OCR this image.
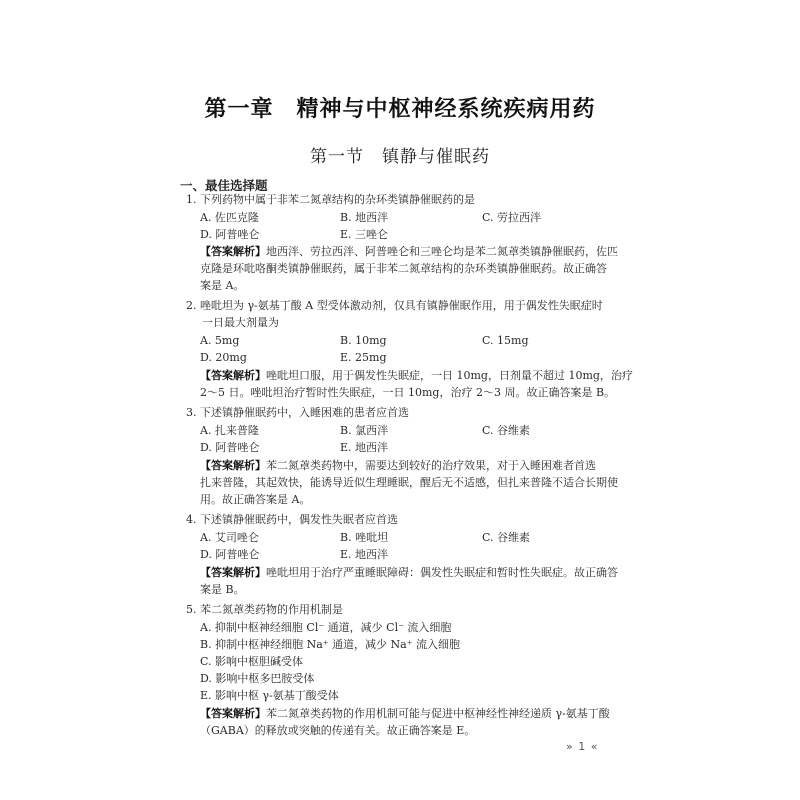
第一章　精神与中枢神经系统疾病用药
第一节　镇静与催眠药
一、最佳选择题
1. 下列药物中属于非苯二氮䓬结构的杂环类镇静催眠药的是
A. 佐匹克隆	B. 地西泮	C. 劳拉西泮
D. 阿普唑仑	E. 三唑仑
【答案解析】地西泮、劳拉西泮、阿普唑仑和三唑仑均是苯二氮䓬类镇静催眠药，佐匹
克隆是环吡咯酮类镇静催眠药，属于非苯二氮䓬结构的杂环类镇静催眠药。故正确答
案是 A。
2. 唑吡坦为 γ-氨基丁酸 A 型受体激动剂，仅具有镇静催眠作用，用于偶发性失眠症时
一日最大剂量为
A. 5mg	B. 10mg	C. 15mg
D. 20mg	E. 25mg
【答案解析】唑吡坦口服，用于偶发性失眠症，一日 10mg，日剂量不超过 10mg，治疗
2～5 日。唑吡坦治疗暂时性失眠症，一日 10mg，治疗 2～3 周。故正确答案是 B。
3. 下述镇静催眠药中，入睡困难的患者应首选
A. 扎来普隆	B. 氯西泮	C. 谷维素
D. 阿普唑仑	E. 地西泮
【答案解析】苯二氮䓬类药物中，需要达到较好的治疗效果，对于入睡困难者首选
扎来普隆，其起效快，能诱导近似生理睡眠，醒后无不适感，但扎来普隆不适合长期使
用。故正确答案是 A。
4. 下述镇静催眠药中，偶发性失眠者应首选
A. 艾司唑仑	B. 唑吡坦	C. 谷维素
D. 阿普唑仑	E. 地西泮
【答案解析】唑吡坦用于治疗严重睡眠障碍：偶发性失眠症和暂时性失眠症。故正确答
案是 B。
5. 苯二氮䓬类药物的作用机制是
A. 抑制中枢神经细胞 Cl⁻ 通道，减少 Cl⁻ 流入细胞
B. 抑制中枢神经细胞 Na⁺ 通道，减少 Na⁺ 流入细胞
C. 影响中枢胆碱受体
D. 影响中枢多巴胺受体
E. 影响中枢 γ-氨基丁酸受体
【答案解析】苯二氮䓬类药物的作用机制可能与促进中枢神经性神经递质 γ-氨基丁酸
（GABA）的释放或突触的传递有关。故正确答案是 E。
» 1 «
